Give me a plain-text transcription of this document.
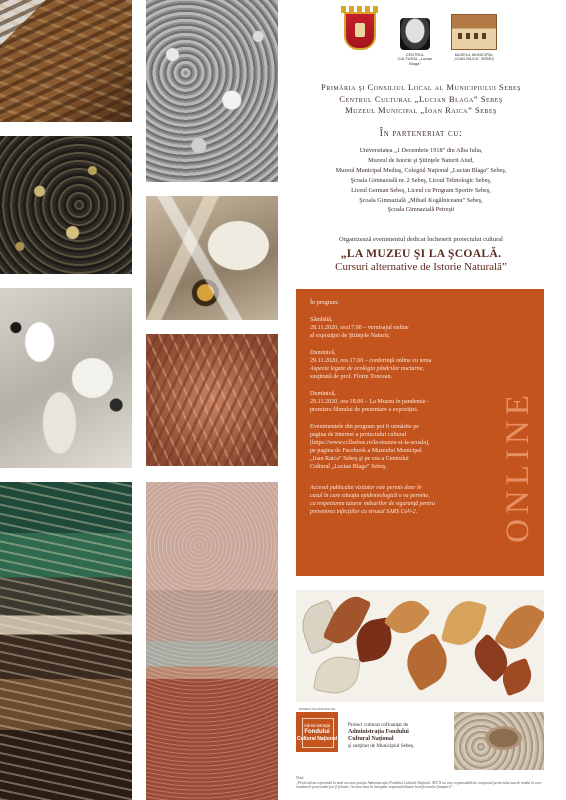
CENTRUL CULTURAL „Lucian Blaga”
MUZEUL MUNICIPAL „IOAN RAICA” SEBEŞ
Primăria şi Consiliul Local al Municipiului Sebeş
Centrul Cultural „Lucian Blaga” Sebeş
Muzeul Municipal „Ioan Raica” Sebeş
În parteneriat cu:
Universitatea „1 Decembrie 1918” din Alba Iulia,
Muzeul de Istorie şi Ştiinţele Naturii Aiud,
Muzeul Municipal Mediaş, Colegiul Naţional „Lucian Blaga” Sebeş,
Şcoala Gimnazială nr. 2 Sebeş, Liceul Tehnologic Sebeş,
Liceul German Sebeş, Liceul cu Program Sportiv Sebeş,
Şcoala Gimnazială „Mihail Kogălniceanu” Sebeş,
Şcoala Gimnazială Petreşti
Organizează evenimentul dedicat încheierii proiectului cultural
„LA MUZEU ŞI LA ŞCOALĂ.
Cursuri alternative de Istorie Naturală”
În program:
Sâmbătă,
28.11.2020, ora17.00 – vernisajul online
al expoziţiei de Ştiinţele Naturii;
Duminică,
29.11.2020, ora 17.00 – conferinţă online cu tema
Aspecte legate de ecologia păsărilor nocturne,
susţinută de prof. Florin Toncean.
Duminică,
29.11.2020, ora 18.00 – La Muzeu în pandemie -
premiera filmului de prezentare a expoziţiei.
Evenimentele din program pot fi urmărite pe
pagina de Internet a proiectului cultural
(https://www.ccllsebes.ro/la-muzeu-si-la-scoala),
pe pagina de Facebook a Muzeului Municipal
„Ioan Raica” Sebeş şi pe cea a Centrului
Cultural „Lucian Blaga” Sebeş.
Accesul publicului vizitator este permis doar în
cazul în care situaţia epidemiologică o va permite,
cu respectarea tuturor măsurilor de siguranţă pentru
prevenirea infecţiilor cu virusul SARS CoV-2.	ONLINE
PROIECT CO-FINANŢAT DE
Administraţia
Fondului
Cultural Naţional
Proiect cultural cofinanţat de
Administraţia Fondului
Cultural Naţional
şi susţinut de Municipiul Sebeş.
Notă:
„Proiectul nu reprezintă în mod necesar poziţia Administraţiei Fondului Cultural Naţional. AFCN nu este responsabilă de conţinutul proiectului sau de modul în care rezultatele proiectului pot fi folosite. Acestea sunt în întregime responsabilitatea beneficiarului finanţării”.
